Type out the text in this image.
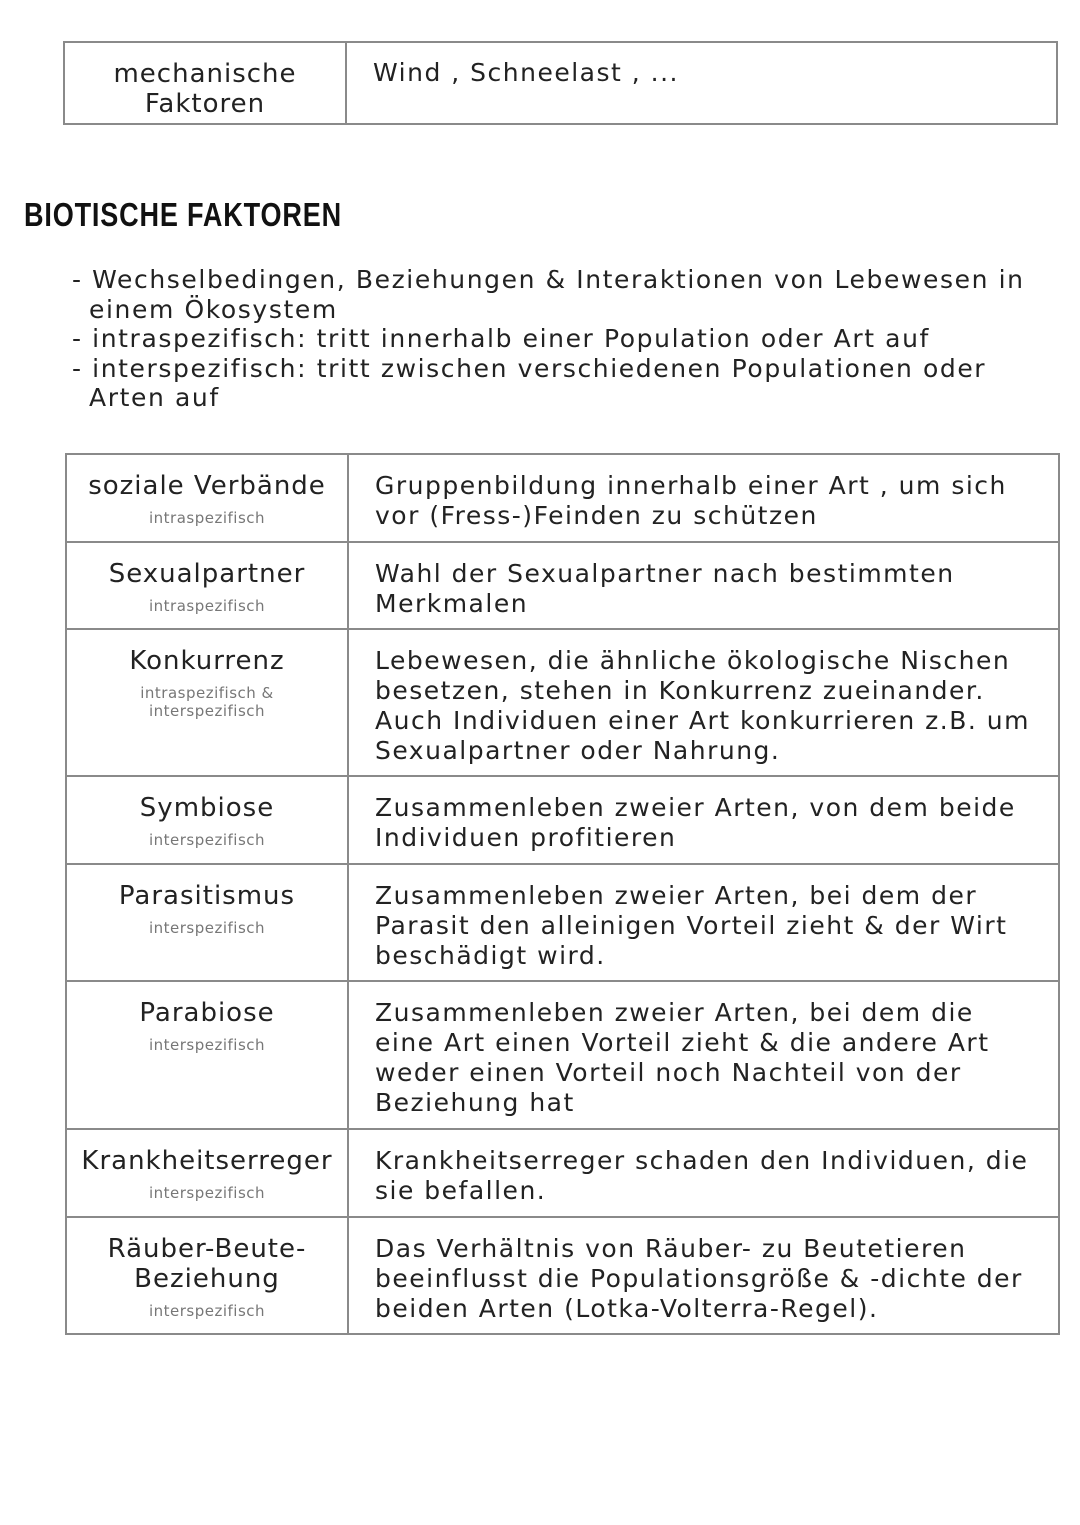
mechanische Faktoren	Wind , Schneelast , ...
BIOTISCHE FAKTOREN
- Wechselbedingen, Beziehungen & Interaktionen von Lebewesen in einem Ökosystem
- intraspezifisch: tritt innerhalb einer Population oder Art auf
- interspezifisch: tritt zwischen verschiedenen Populationen oder Arten auf
soziale Verbände
intraspezifisch	Gruppenbildung innerhalb einer Art , um sich vor (Fress-)Feinden zu schützen

Sexualpartner
intraspezifisch	Wahl der Sexualpartner nach bestimmten Merkmalen

Konkurrenz
intraspezifisch & interspezifisch	Lebewesen, die ähnliche ökologische Nischen besetzen, stehen in Konkurrenz zueinander. Auch Individuen einer Art konkurrieren z.B. um Sexualpartner oder Nahrung.

Symbiose
interspezifisch	Zusammenleben zweier Arten, von dem beide Individuen profitieren

Parasitismus
interspezifisch	Zusammenleben zweier Arten, bei dem der Parasit den alleinigen Vorteil zieht & der Wirt beschädigt wird.

Parabiose
interspezifisch	Zusammenleben zweier Arten, bei dem die eine Art einen Vorteil zieht & die andere Art weder einen Vorteil noch Nachteil von der Beziehung hat

Krankheitserreger
interspezifisch	Krankheitserreger schaden den Individuen, die sie befallen.

Räuber-Beute-Beziehung
interspezifisch	Das Verhältnis von Räuber- zu Beutetieren beeinflusst die Populationsgröße & -dichte der beiden Arten (Lotka-Volterra-Regel).
